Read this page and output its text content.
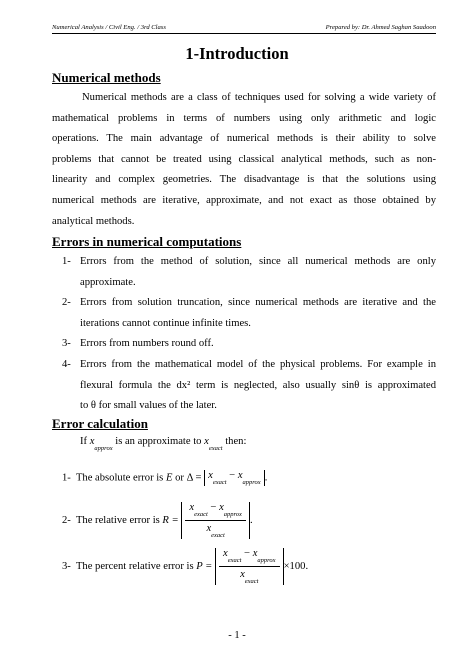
Numerical Analysis / Civil Eng. / 3rd Class	Prepared by: Dr. Ahmed Saghan Saadoon
1-Introduction
Numerical methods
Numerical methods are a class of techniques used for solving a wide variety of
mathematical problems in terms of numbers using only arithmetic and logic
operations. The main advantage of numerical methods is their ability to solve
problems that cannot be treated using classical analytical methods, such as non-
linearity and complex geometries. The disadvantage is that the solutions using
numerical methods are iterative, approximate, and not exact as those obtained by
analytical methods.
Errors in numerical computations
1- Errors from the method of solution, since all numerical methods are only
approximate.
2- Errors from solution truncation, since numerical methods are iterative and the
iterations cannot continue infinite times.
3- Errors from numbers round off.
4- Errors from the mathematical model of the physical problems. For example in
flexural formula the dx² term is neglected, also usually sinθ is approximated
to θ for small values of the later.
Error calculation
If $x_{approx}$ is an approximate to $x_{exact}$ then:
1- The absolute error is E or $\Delta = x_{exact} - x_{approx}$ .
2- The relative error is $R = \frac{x_{exact} - x_{approx}}{x_{exact}}$ .
3- The percent relative error is $P = \frac{x_{exact} - x_{approx}}{x_{exact}} \times 100$.
- 1 -
